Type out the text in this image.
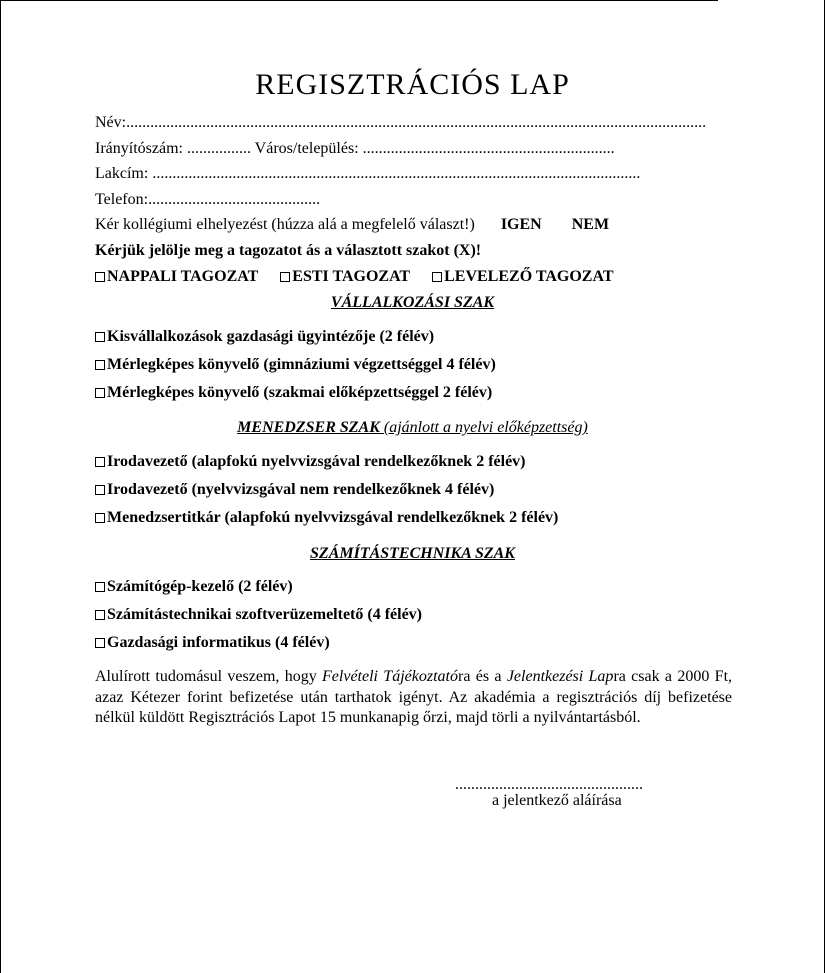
REGISZTRÁCIÓS LAP
Név:.................................................................................................................................................
Irányítószám: ................ Város/település: ...............................................................
Lakcím: ..........................................................................................................................
Telefon:...........................................
Kér kollégiumi elhelyezést (húzza alá a megfelelő választ!) IGEN NEM
Kérjük jelölje meg a tagozatot ás a választott szakot (X)!
NAPPALI TAGOZAT ESTI TAGOZAT LEVELEZŐ TAGOZAT
VÁLLALKOZÁSI SZAK
Kisvállalkozások gazdasági ügyintézője (2 félév)
Mérlegképes könyvelő (gimnáziumi végzettséggel 4 félév)
Mérlegképes könyvelő (szakmai előképzettséggel 2 félév)
MENEDZSER SZAK (ajánlott a nyelvi előképzettség)
Irodavezető (alapfokú nyelvvizsgával rendelkezőknek 2 félév)
Irodavezető (nyelvvizsgával nem rendelkezőknek 4 félév)
Menedzsertitkár (alapfokú nyelvvizsgával rendelkezőknek 2 félév)
SZÁMÍTÁSTECHNIKA SZAK
Számítógép-kezelő (2 félév)
Számítástechnikai szoftverüzemeltető (4 félév)
Gazdasági informatikus (4 félév)
Alulírott tudomásul veszem, hogy Felvételi Tájékoztatóra és a Jelentkezési Lapra csak a 2000 Ft, azaz Kétezer forint befizetése után tarthatok igényt. Az akadémia a regisztrációs díj befizetése nélkül küldött Regisztrációs Lapot 15 munkanapig őrzi, majd törli a nyilvántartásból.
...............................................
a jelentkező aláírása
